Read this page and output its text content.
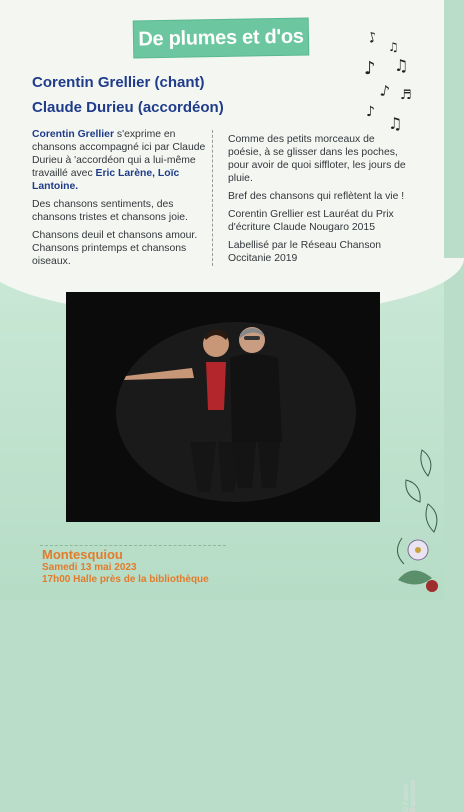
De plumes et d'os	♪
♫
♪ ♫
♪ ♬
♪
♫
Corentin Grellier (chant)
Claude Durieu (accordéon)

Corentin Grellier s'exprime en chansons accompagné ici par Claude Durieu à 'accordéon qui a lui-même travaillé avec Eric Larène, Loïc Lantoine.

Des chansons sentiments, des chansons tristes et chansons joie.

Chansons deuil et chansons amour. Chansons printemps et chansons oiseaux.

Comme des petits morceaux de poésie, à se glisser dans les poches, pour avoir de quoi siffloter, les jours de pluie.

Bref des chansons qui reflètent la vie !

Corentin Grellier est Lauréat du Prix d'écriture Claude Nougaro 2015

Labellisé par le Réseau Chanson Occitanie 2019

© Fabien Espinasse
Montesquiou
Samedi 13 mai 2023
17h00 Halle près de la bibliothèque
